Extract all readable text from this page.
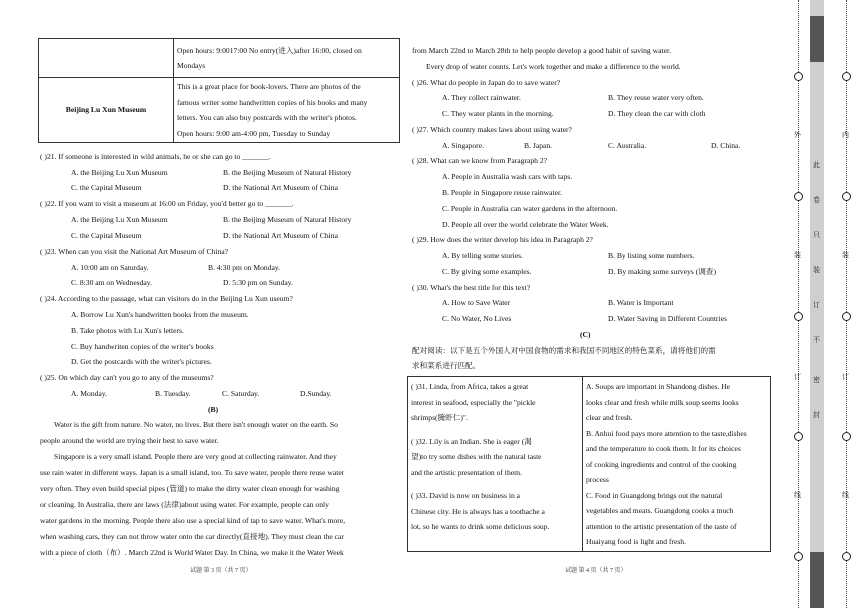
	Open hours: 9:0017:00 No entry(进入)after 16:00, closed on
Mondays

Beijing Lu Xun Museum	This is a great place for book-lovers. There are photos of the
famous writer some handwritten copies of his books and many
letters. You can also buy postcards with the writer's photos.
Open hours: 9:00 am-4:00 pm, Tuesday to Sunday
( )21. If someone is interested in wild animals, he or she can go to _______.
A. the Beijing Lu Xun Museum	B. the Beijing Museum of Natural History
C. the Capital Museum	D. the National Art Museum of China
( )22. If you want to visit a museum at 16:00 on Friday, you'd better go to _______.
A. the Beijing Lu Xun Museum	B. the Beijing Museum of Natural History
C. the Capital Museum	D. the National Art Museum of China
( )23. When can you visit the National Art Museum of China?
A. 10:00 am on Saturday.	B. 4:30 pm on Monday.
C. 8:30 am on Wednesday.	D. 5:30 pm on Sunday.
( )24. According to the passage, what can visitors do in the Beijing Lu Xun useum?
A. Borrow Lu Xun's handwritten books from the museum.
B. Take photos with Lu Xun's letters.
C. Buy handwriten copies of the writer's books
D. Get the postcards with the writer's pictures.
( )25. On which day can't you go to any of the museums?
A. Monday.	B. Tuesday.	C. Saturday.	D.Sunday.
(B)
Water is the gift from nature. No water, no lives. But there isn't enough water on the earth. So
people around the world are trying their best to save water.
Singapore is a very small island. People there are very good at collecting rainwater. And they
use rain water in different ways. Japan is a small island, too. To save water, people there reuse water
very often. They even build special pipes (管道) to make the dirty water clean enough for washing
or cleaning. In Australia, there are laws (法律)about using water. For example, people can only
water gardens in the morning. People there also use a special kind of tap to save water. What's more,
when washing cars, they can not throw water onto the car directly(直接地). They must clean the car
with a piece of cloth（布）. March 22nd is World Water Day. In China, we make it the Water Week
试题 第 3 页（共 7 页）
from March 22nd to March 28th to help people develop a good habit of saving water.
Every drop of water counts. Let's work together and make a difference to the world.
( )26. What do people in Japan do to save water?
A. They collect rainwater.	B. They reuse water very often.
C. They water plants in the morning.	D. They clean the car with cloth
( )27. Which country makes laws about using water?
A. Singapore.	B. Japan.	C. Australia.	D. China.
( )28. What can we know from Paragraph 2?
A. People in Australia wash cars with taps.
B. People in Singapore reuse rainwater.
C. People in Australia can water gardens in the afternoon.
D. People all over the world celebrate the Water Week.
( )29. How does the writer develop his idea in Paragraph 2?
A. By telling some stories.	B. By listing some numbers.
C. By giving some examples.	D. By making some surveys (调查)
( )30. What's the best title for this text?
A. How to Save Water	B. Water is Important
C. No Water, No Lives	D. Water Saving in Different Countries
(C)
配对阅读：以下是五个外国人对中国食物的需求和我国不同地区的特色菜系，请将他们的需
求和菜系进行匹配。
( )31. Linda, from Africa, takes a great
interest in seafood, especially the "pickle
shrimps(腌虾仁)".
( )32. Lily is an Indian. She is eager (渴
望)to try some dishes with the natural taste
and the artistic presentation of them.
( )33. David is now on business in a
Chinese city. He is always has a toothache a
lot, so he wants to drink some delicious soup.

A. Soups are important in Shandong dishes. He
looks clear and fresh while milk soup seems looks
clear and fresh.
B. Anhui food pays more attention to the taste,dishes
and the temperature to cook them. It for its choices
of cooking ingredients and control of the cooking
process
C. Food in Guangdong brings out the natural
vegetables and meats. Guangdong cooks a much
attention to the artistic presentation of the taste of
Huaiyang food is light and fresh.
试题 第 4 页（共 7 页）
外
装
订
线
内
装
订
线
此
卷
只
装
订
不
密
封
